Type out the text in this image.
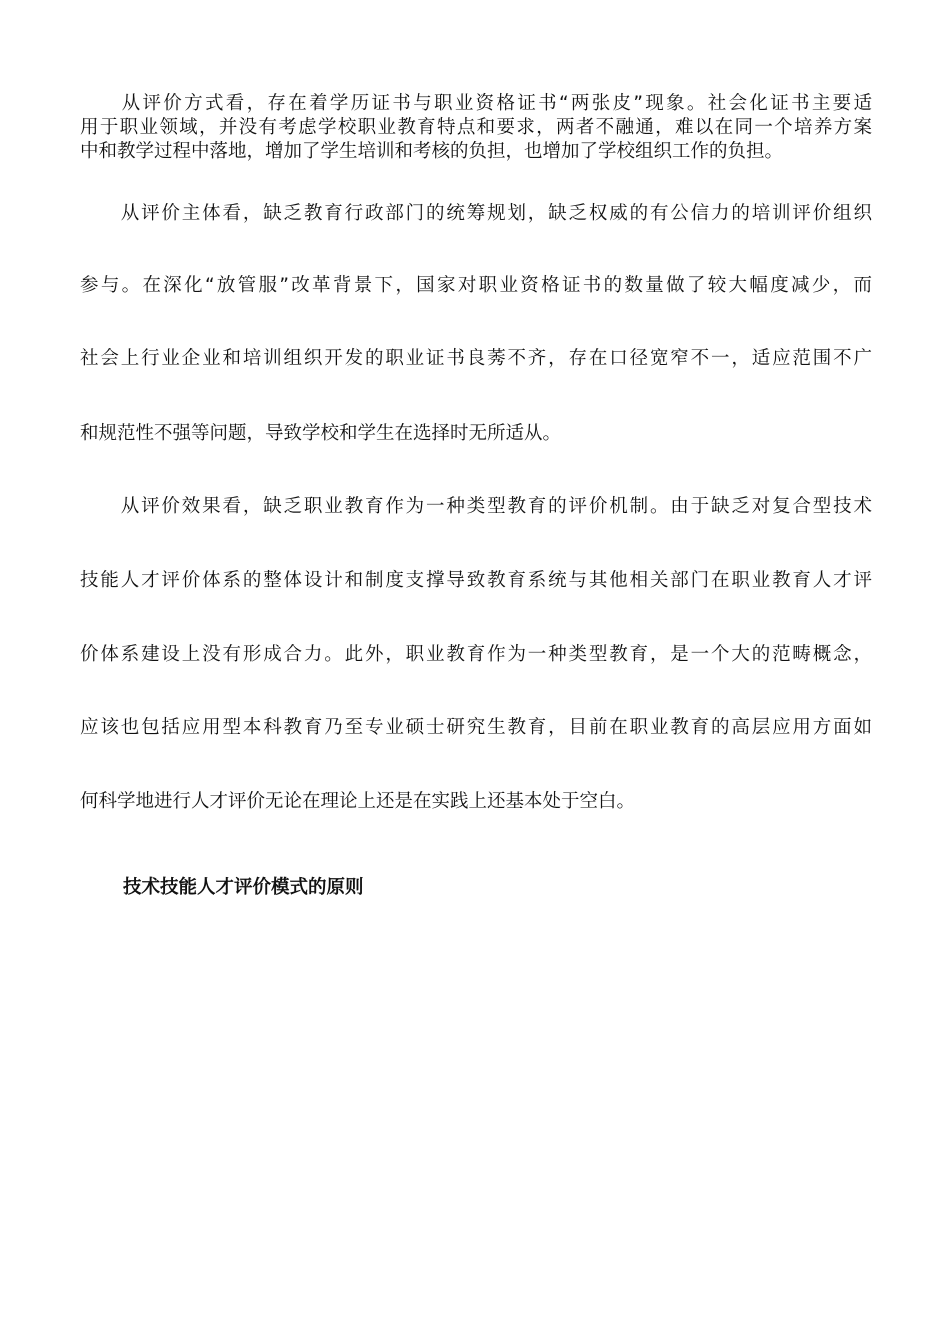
　　从评价方式看，存在着学历证书与职业资格证书“两张皮”现象。社会化证书主要适
用于职业领域，并没有考虑学校职业教育特点和要求，两者不融通，难以在同一个培养方案
中和教学过程中落地，增加了学生培训和考核的负担，也增加了学校组织工作的负担。
　　从评价主体看，缺乏教育行政部门的统筹规划，缺乏权威的有公信力的培训评价组织
参与。在深化“放管服”改革背景下，国家对职业资格证书的数量做了较大幅度减少，而
社会上行业企业和培训组织开发的职业证书良莠不齐，存在口径宽窄不一，适应范围不广
和规范性不强等问题，导致学校和学生在选择时无所适从。
　　从评价效果看，缺乏职业教育作为一种类型教育的评价机制。由于缺乏对复合型技术
技能人才评价体系的整体设计和制度支撑导致教育系统与其他相关部门在职业教育人才评
价体系建设上没有形成合力。此外，职业教育作为一种类型教育，是一个大的范畴概念，
应该也包括应用型本科教育乃至专业硕士研究生教育，目前在职业教育的高层应用方面如
何科学地进行人才评价无论在理论上还是在实践上还基本处于空白。
技术技能人才评价模式的原则
